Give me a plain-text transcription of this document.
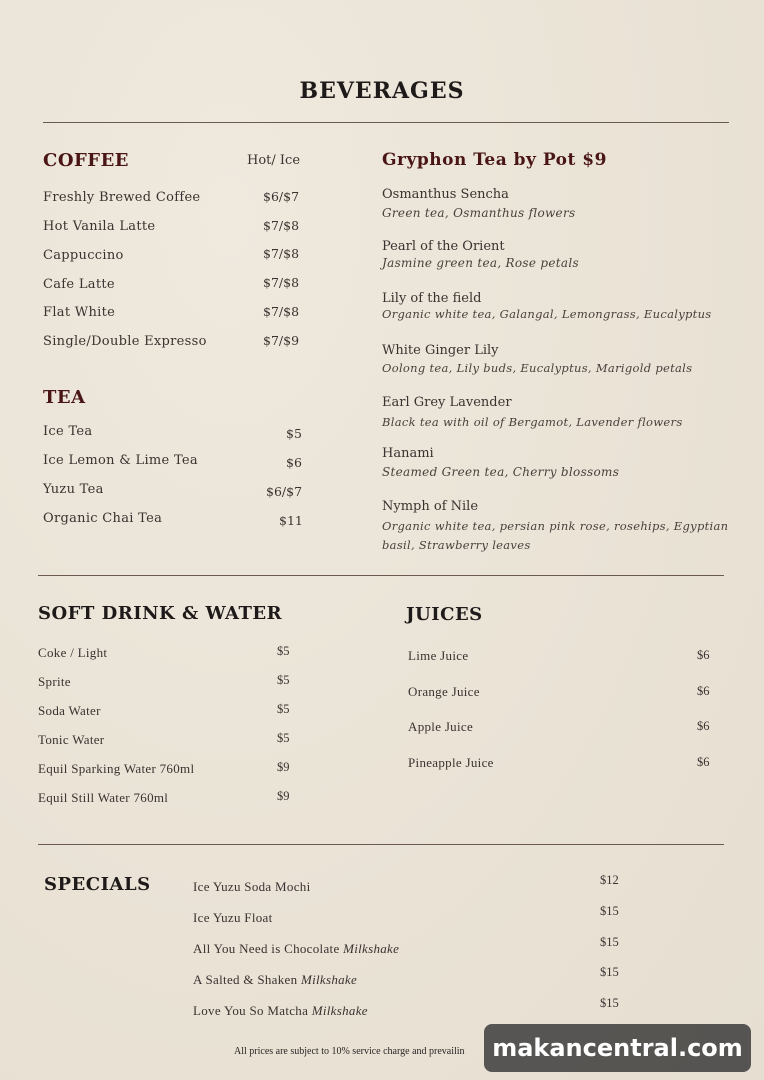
BEVERAGES
COFFEE	Hot/ Ice
Freshly Brewed Coffee	$6/$7
Hot Vanila Latte	$7/$8
Cappuccino	$7/$8
Cafe Latte	$7/$8
Flat White	$7/$8
Single/Double Expresso	$7/$9
TEA
Ice Tea	$5
Ice Lemon & Lime Tea	$6
Yuzu Tea	$6/$7
Organic Chai Tea	$11
Gryphon Tea by Pot $9
Osmanthus Sencha
Green tea, Osmanthus flowers
Pearl of the Orient
Jasmine green tea, Rose petals
Lily of the field
Organic white tea, Galangal, Lemongrass, Eucalyptus
White Ginger Lily
Oolong tea, Lily buds, Eucalyptus, Marigold petals
Earl Grey Lavender
Black tea with oil of Bergamot, Lavender flowers
Hanami
Steamed Green tea, Cherry blossoms
Nymph of Nile
Organic white tea, persian pink rose, rosehips, Egyptian basil, Strawberry leaves
SOFT DRINK & WATER
Coke / Light	$5
Sprite	$5
Soda Water	$5
Tonic Water	$5
Equil Sparking Water 760ml	$9
Equil Still Water 760ml	$9
JUICES
Lime Juice	$6
Orange Juice	$6
Apple Juice	$6
Pineapple Juice	$6
SPECIALS	Ice Yuzu Soda Mochi	$12
Ice Yuzu Float	$15
All You Need is Chocolate Milkshake	$15
A Salted & Shaken Milkshake	$15
Love You So Matcha Milkshake	$15
All prices are subject to 10% service charge and prevailin	makancentral.com
